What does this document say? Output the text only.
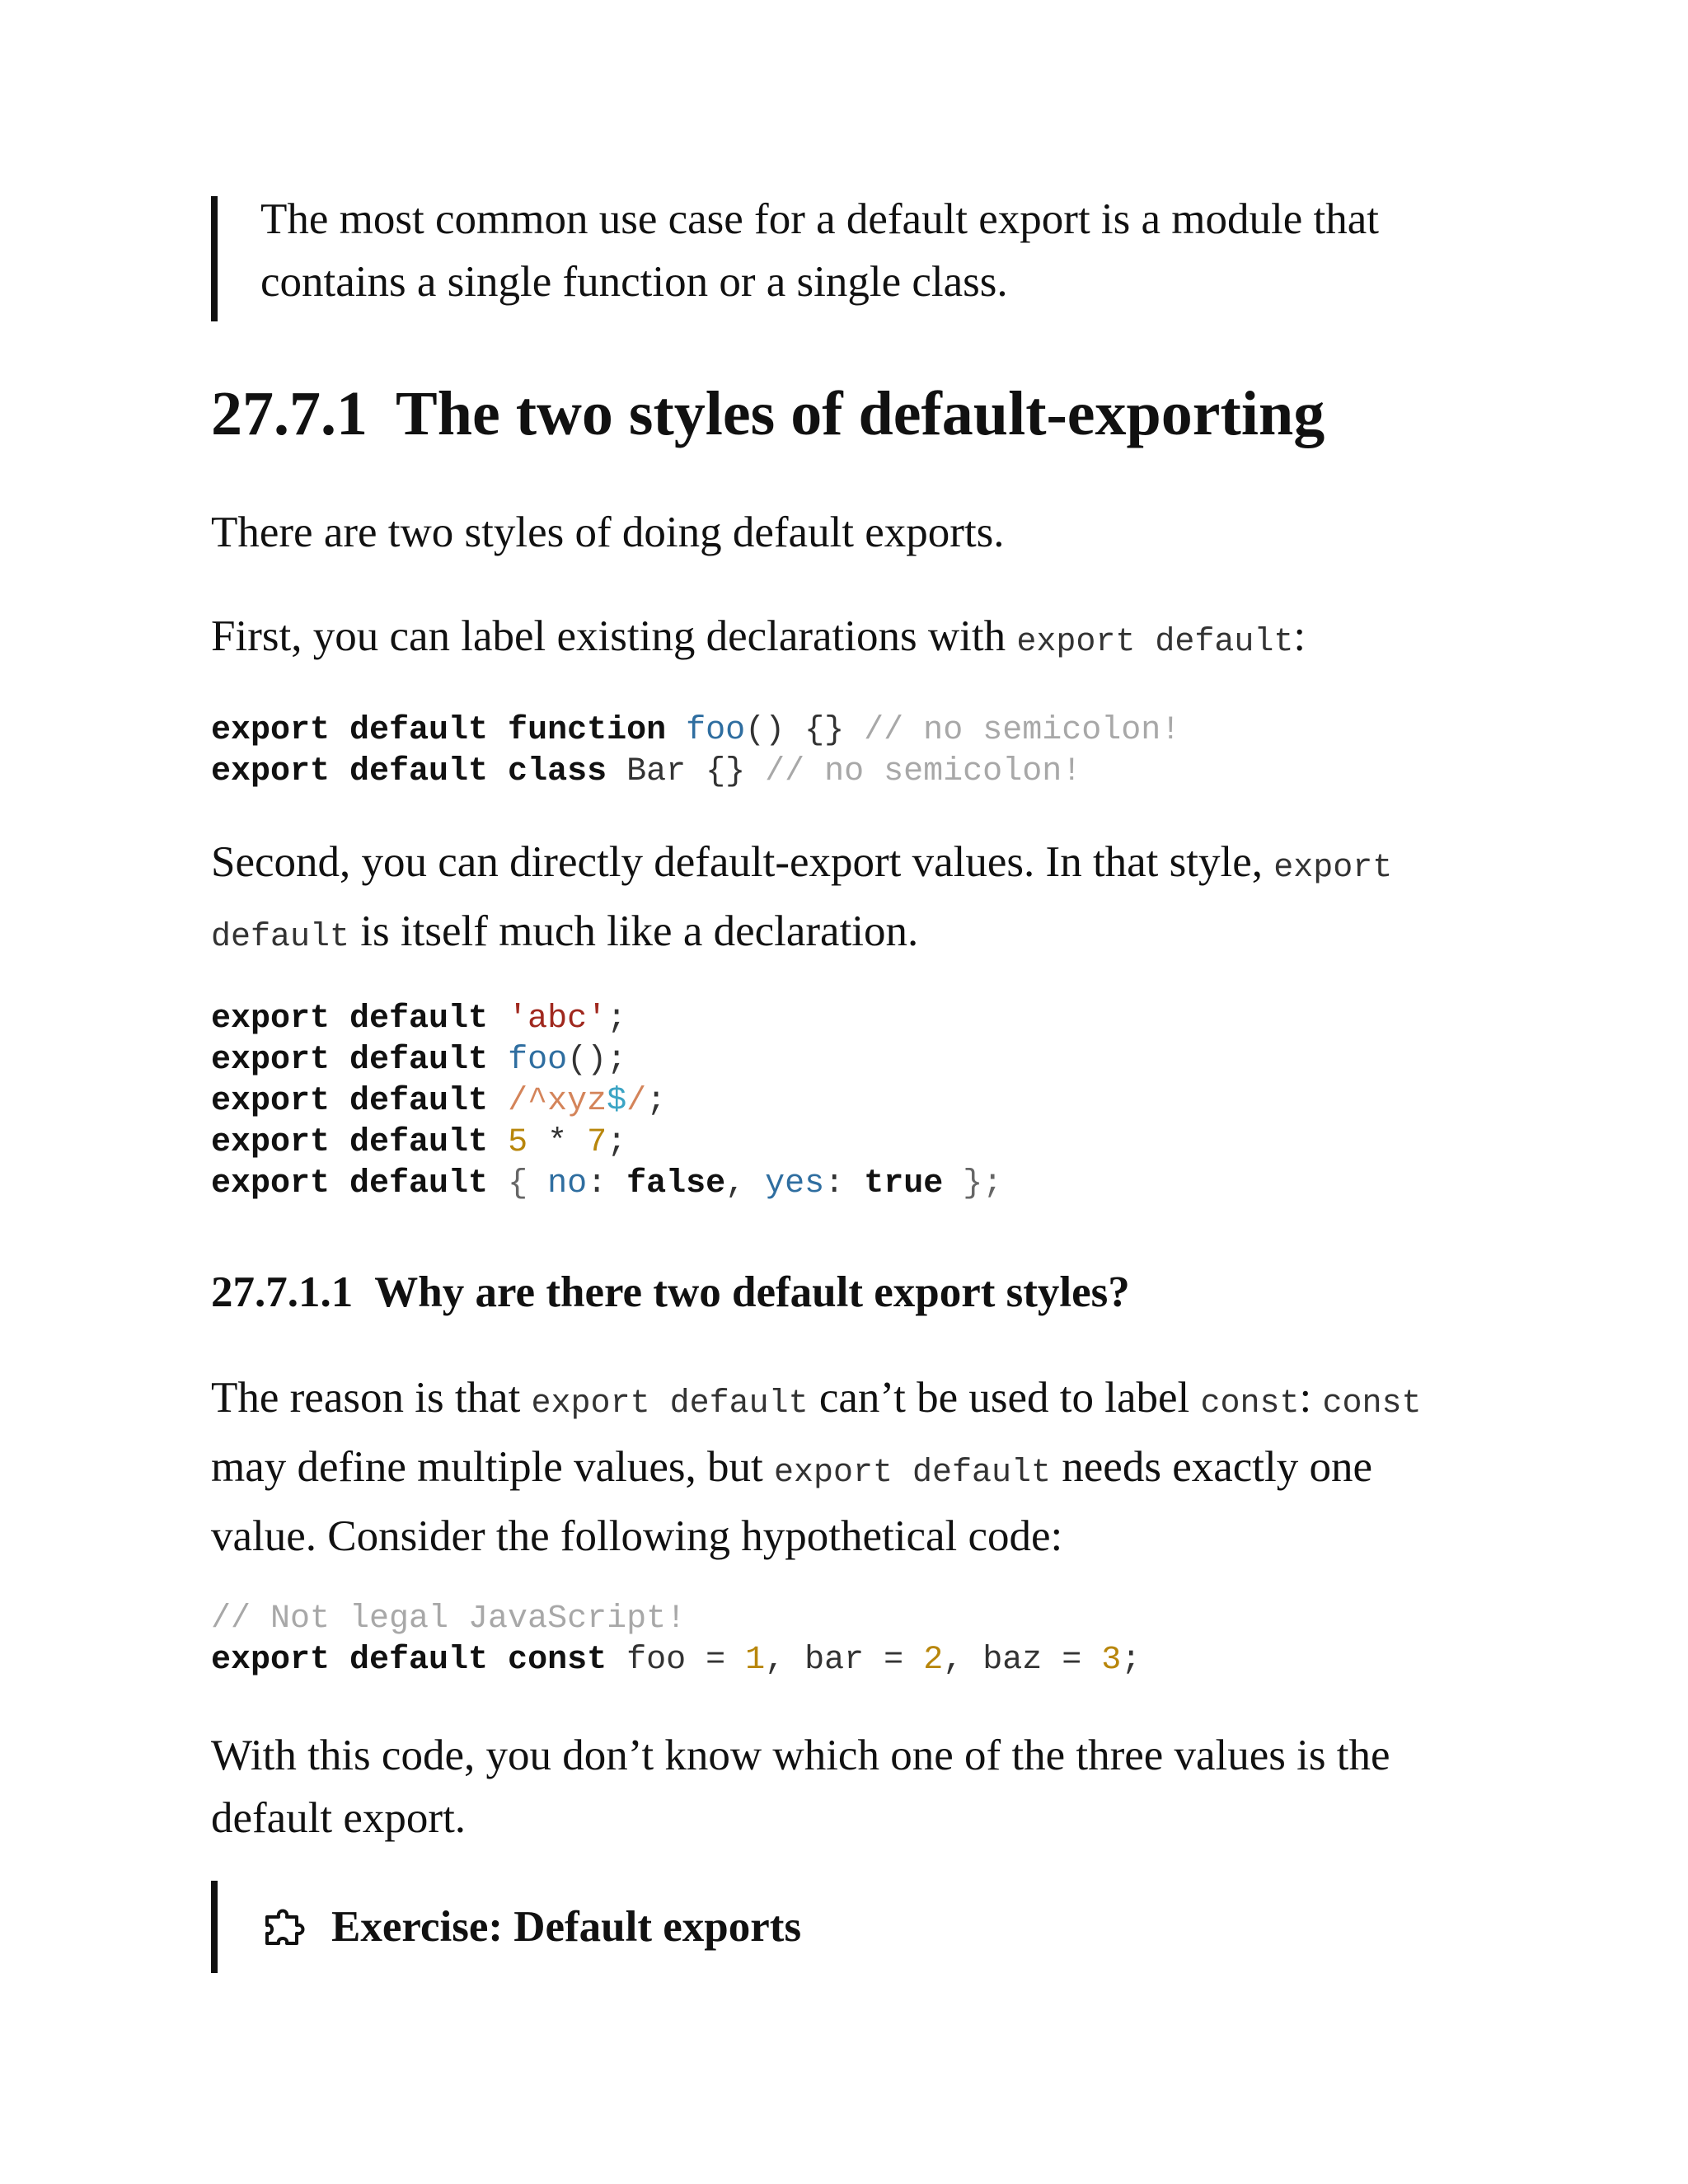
The most common use case for a default export is a module that contains a single function or a single class.

27.7.1 The two styles of default-exporting

There are two styles of doing default exports.

First, you can label existing declarations with export default:

export default function foo() {} // no semicolon!
export default class Bar {} // no semicolon!

Second, you can directly default-export values. In that style, export default is itself much like a declaration.

export default 'abc';
export default foo();
export default /^xyz$/;
export default 5 * 7;
export default { no: false, yes: true };
27.7.1.1 Why are there two default export styles?

The reason is that export default can’t be used to label const: const may define multiple values, but export default needs exactly one value. Consider the following hypothetical code:

// Not legal JavaScript!
export default const foo = 1, bar = 2, baz = 3;

With this code, you don’t know which one of the three values is the default export.

Exercise: Default exports
